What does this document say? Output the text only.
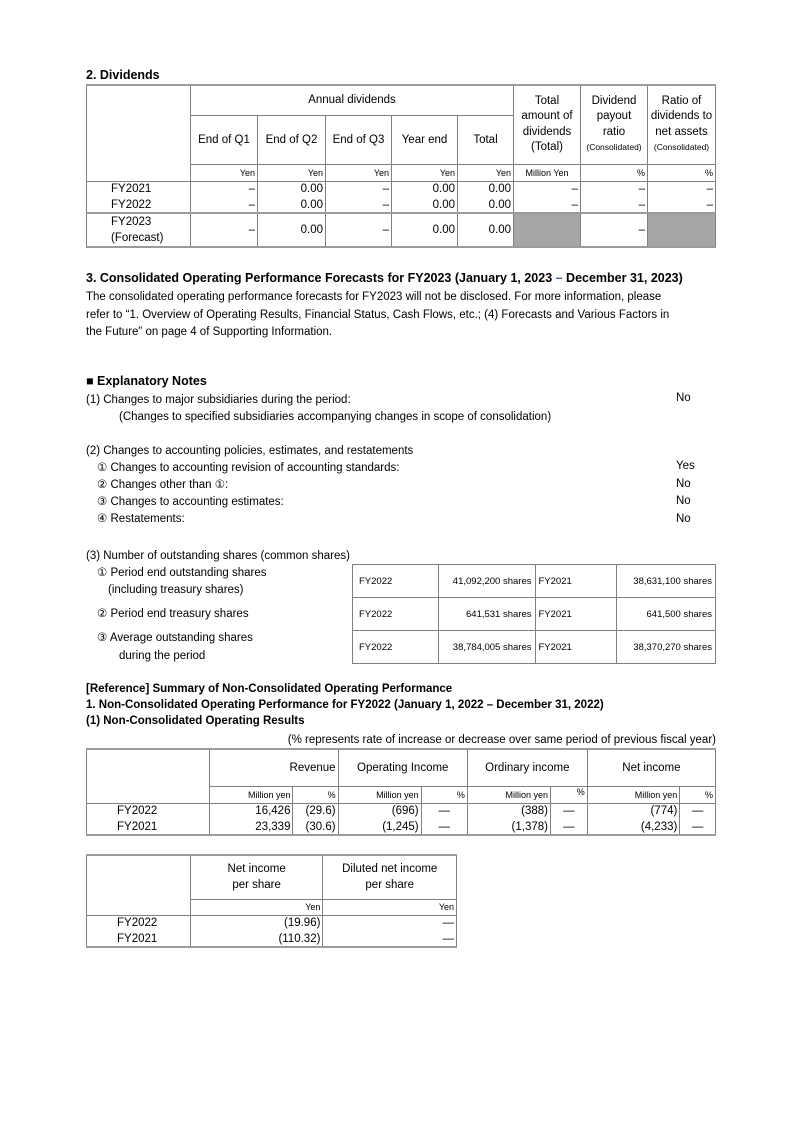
2. Dividends
	Annual dividends					Total
amount of
dividends
(Total)	Dividend
payout
ratio
(Consolidated)	Ratio of
dividends to
net assets
(Consolidated)
	End of Q1	End of Q2	End of Q3	Year end	Total			
	Yen	Yen	Yen	Yen	Yen	Million Yen	%	%
FY2021	–	0.00	–	0.00	0.00	–	–	–
FY2022	–	0.00	–	0.00	0.00	–	–	–
FY2023
(Forecast)	–	0.00	–	0.00	0.00		–	
3. Consolidated Operating Performance Forecasts for FY2023 (January 1, 2023 – December 31, 2023)
The consolidated operating performance forecasts for FY2023 will not be disclosed. For more information, please
refer to “1. Overview of Operating Results, Financial Status, Cash Flows, etc.; (4) Forecasts and Various Factors in
the Future” on page 4 of Supporting Information.
■ Explanatory Notes
(1) Changes to major subsidiaries during the period:	No
(Changes to specified subsidiaries accompanying changes in scope of consolidation)
(2) Changes to accounting policies, estimates, and restatements
① Changes to accounting revision of accounting standards:	Yes
② Changes other than ①:	No
③ Changes to accounting estimates:	No
④ Restatements:	No
(3) Number of outstanding shares (common shares)
① Period end outstanding shares
(including treasury shares)
② Period end treasury shares
③ Average outstanding shares
during the period
FY2022	41,092,200 shares	FY2021	38,631,100 shares
FY2022	641,531 shares	FY2021	641,500 shares
FY2022	38,784,005 shares	FY2021	38,370,270 shares
[Reference] Summary of Non-Consolidated Operating Performance
1. Non-Consolidated Operating Performance for FY2022 (January 1, 2022 – December 31, 2022)
(1) Non-Consolidated Operating Results
(% represents rate of increase or decrease over same period of previous fiscal year)
	Revenue		Operating Income		Ordinary income		Net income	
	Million yen	%	Million yen	%	Million yen	%	Million yen	%
FY2022	16,426	(29.6)	(696)	—	(388)	—	(774)	—
FY2021	23,339	(30.6)	(1,245)	—	(1,378)	—	(4,233)	—
	Net income
per share	Diluted net income
per share
	Yen	Yen
FY2022	(19.96)	—
FY2021	(110.32)	—
